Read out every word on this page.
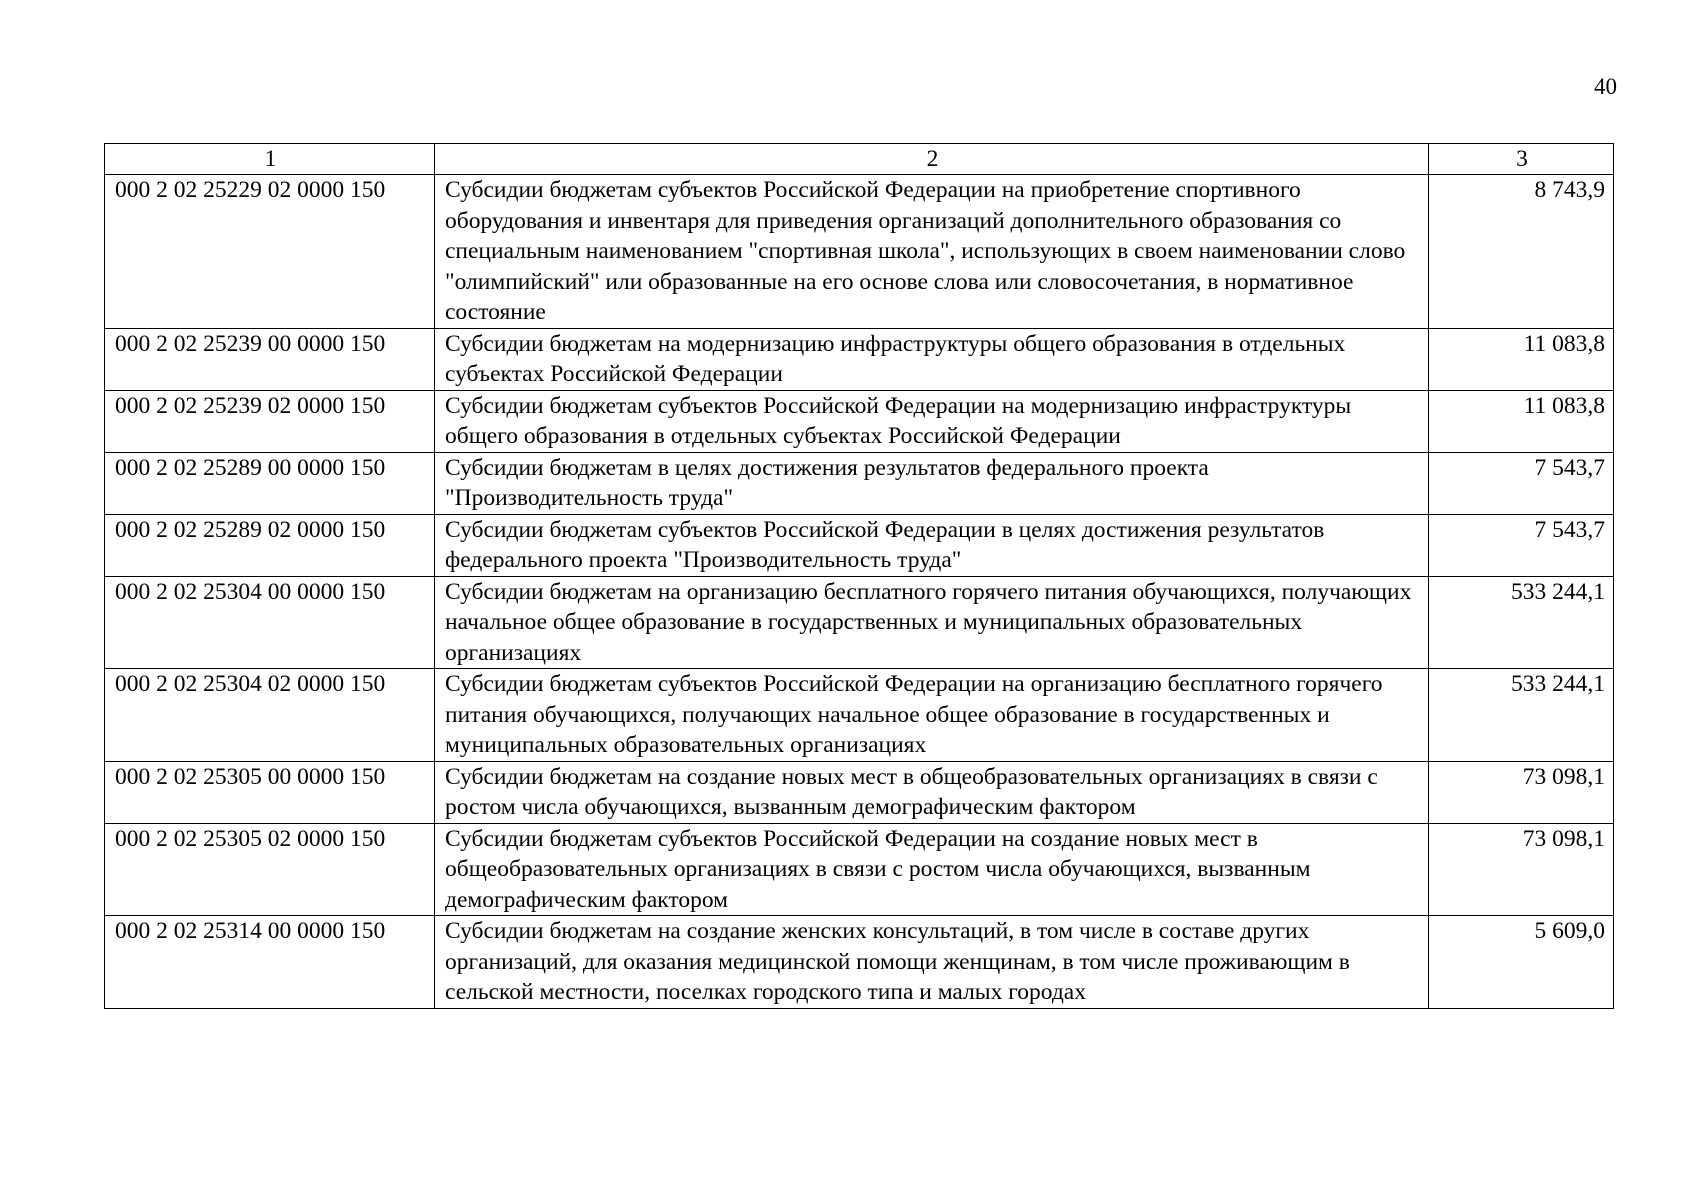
40
1	2	3
000 2 02 25229 02 0000 150	Субсидии бюджетам субъектов Российской Федерации на приобретение спортивного оборудования и инвентаря для приведения организаций дополнительного образования со специальным наименованием "спортивная школа", использующих в своем наименовании слово "олимпийский" или образованные на его основе слова или словосочетания, в нормативное состояние	8 743,9
000 2 02 25239 00 0000 150	Субсидии бюджетам на модернизацию инфраструктуры общего образования в отдельных субъектах Российской Федерации	11 083,8
000 2 02 25239 02 0000 150	Субсидии бюджетам субъектов Российской Федерации на модернизацию инфраструктуры общего образования в отдельных субъектах Российской Федерации	11 083,8
000 2 02 25289 00 0000 150	Субсидии бюджетам в целях достижения результатов федерального проекта "Производительность труда"	7 543,7
000 2 02 25289 02 0000 150	Субсидии бюджетам субъектов Российской Федерации в целях достижения результатов федерального проекта "Производительность труда"	7 543,7
000 2 02 25304 00 0000 150	Субсидии бюджетам на организацию бесплатного горячего питания обучающихся, получающих начальное общее образование в государственных и муниципальных образовательных организациях	533 244,1
000 2 02 25304 02 0000 150	Субсидии бюджетам субъектов Российской Федерации на организацию бесплатного горячего питания обучающихся, получающих начальное общее образование в государственных и муниципальных образовательных организациях	533 244,1
000 2 02 25305 00 0000 150	Субсидии бюджетам на создание новых мест в общеобразовательных организациях в связи с ростом числа обучающихся, вызванным демографическим фактором	73 098,1
000 2 02 25305 02 0000 150	Субсидии бюджетам субъектов Российской Федерации на создание новых мест в общеобразовательных организациях в связи с ростом числа обучающихся, вызванным демографическим фактором	73 098,1
000 2 02 25314 00 0000 150	Субсидии бюджетам на создание женских консультаций, в том числе в составе других организаций, для оказания медицинской помощи женщинам, в том числе проживающим в сельской местности, поселках городского типа и малых городах	5 609,0
